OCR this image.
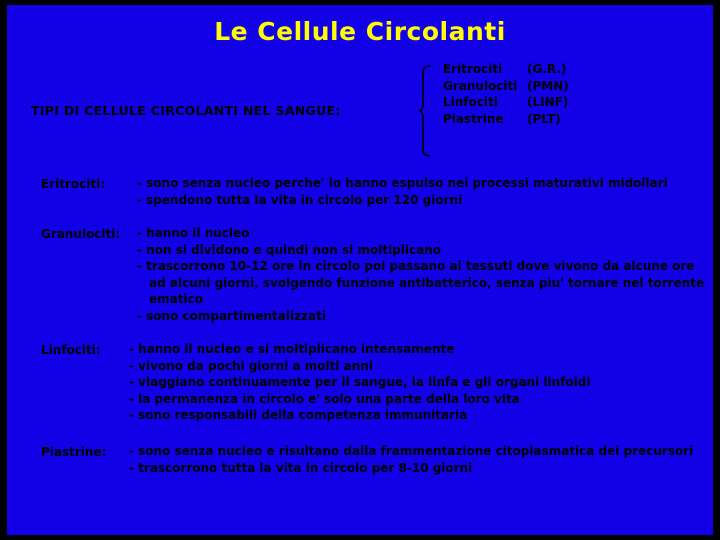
Le Cellule Circolanti
TIPI DI CELLULE CIRCOLANTI NEL SANGUE:
Eritrociti	(G.R.)
Granulociti (PMN)
Linfociti	(LINF)
Piastrine	(PLT)
Eritrociti:	- sono senza nucleo perche' lo hanno espulso nei processi maturativi midollari
- spendono tutta la vita in circolo per 120 giorni
Granulociti: - hanno il nucleo
- non si dividono e quindi non si moltiplicano
- trascorrono 10-12 ore in circolo poi passano ai tessuti dove vivono da alcune ore
ad alcuni giorni, svolgendo funzione antibatterico, senza piu' tornare nel torrente
ematico
- sono compartimentalizzati
Linfociti: - hanno il nucleo e si moltiplicano intensamente
- vivono da pochi giorni a molti anni
- viaggiano continuamente per il sangue, la linfa e gli organi linfoidi
- la permanenza in circolo e' solo una parte della loro vita
- sono responsabili della competenza immunitaria
Piastrine: - sono senza nucleo e risultano dalla frammentazione citoplasmatica dei precursori
- trascorrono tutta la vita in circolo per 8-10 giorni
